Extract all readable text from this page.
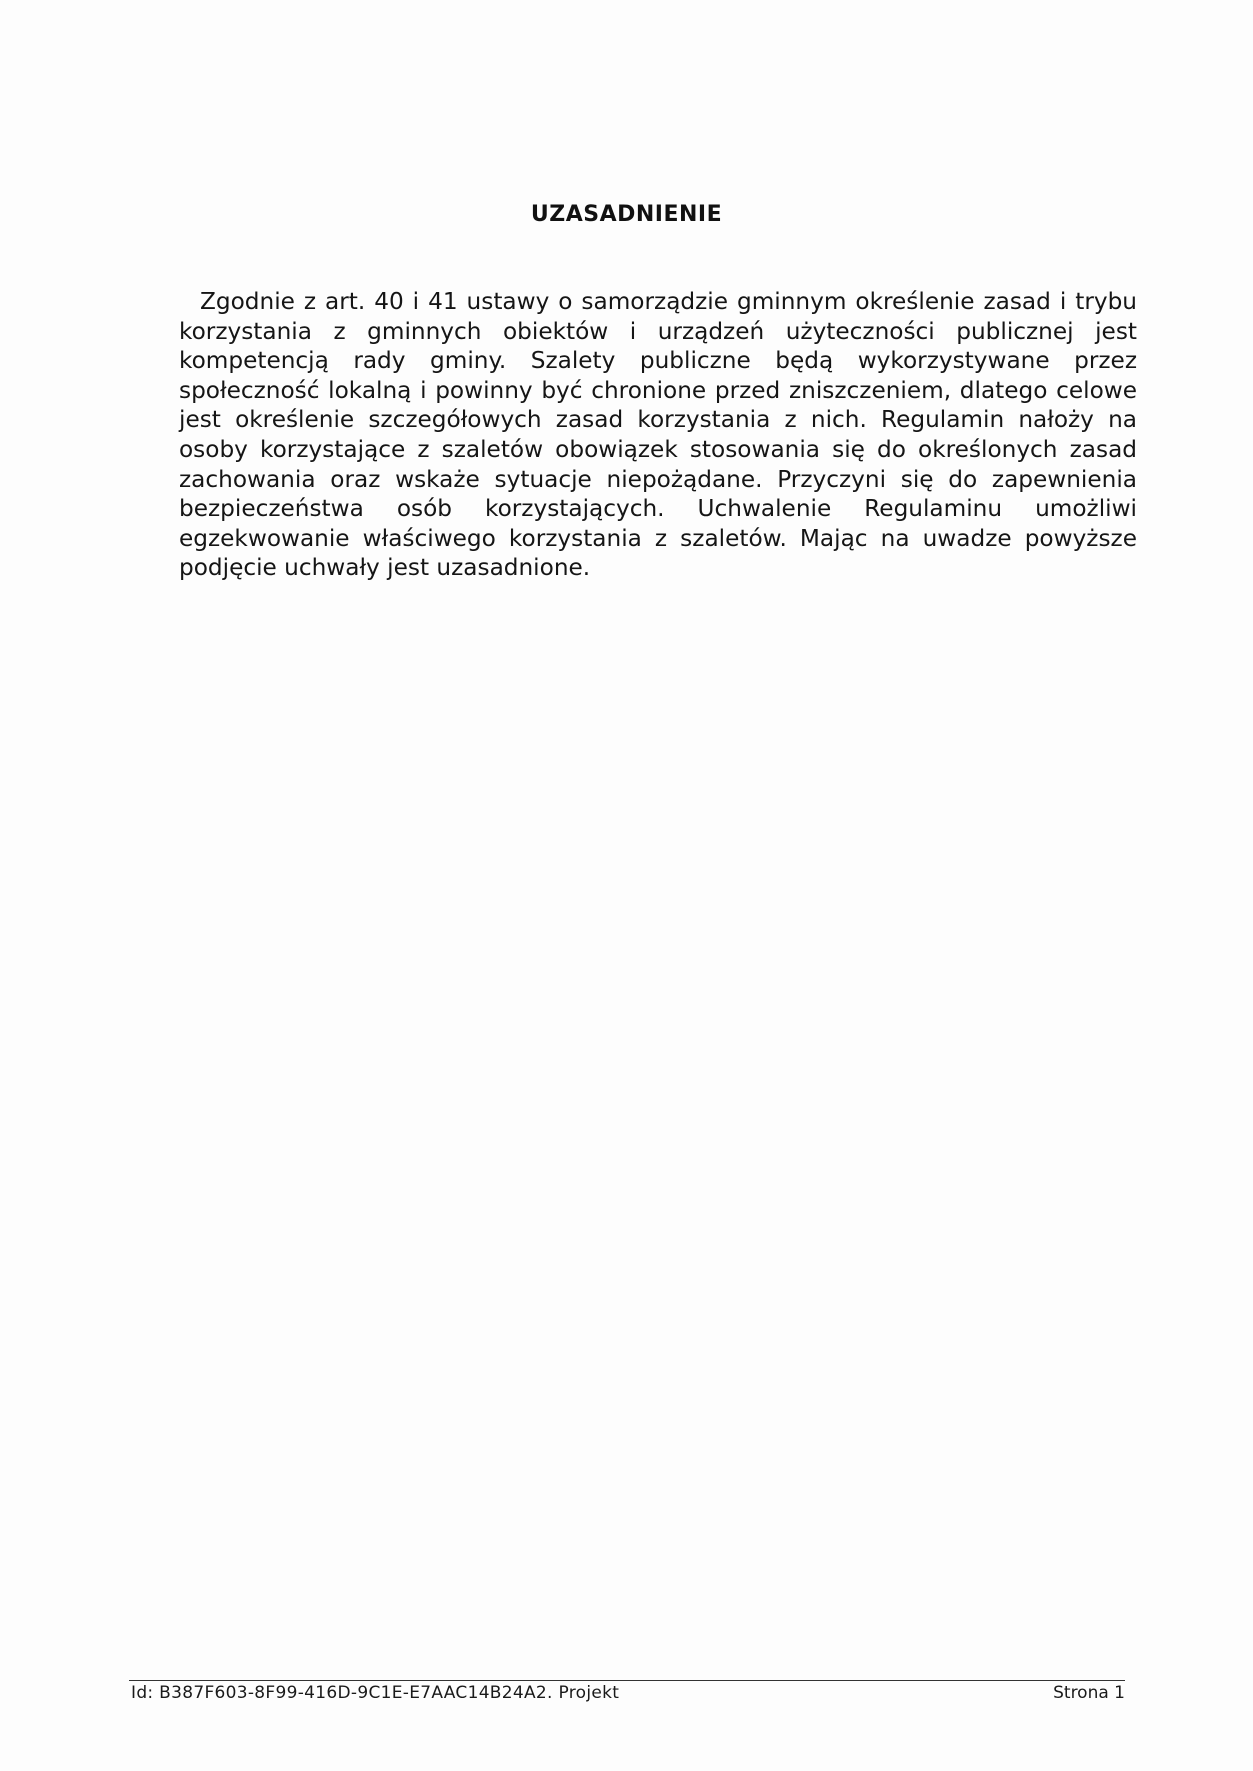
UZASADNIENIE
Zgodnie z art. 40 i 41 ustawy o samorządzie gminnym określenie zasad i trybu korzystania z gminnych obiektów i urządzeń użyteczności publicznej jest kompetencją rady gminy. Szalety publiczne będą wykorzystywane przez społeczność lokalną i powinny być chronione przed zniszczeniem, dlatego celowe jest określenie szczegółowych zasad korzystania z nich. Regulamin nałoży na osoby korzystające z szaletów obowiązek stosowania się do określonych zasad zachowania oraz wskaże sytuacje niepożądane. Przyczyni się do zapewnienia bezpieczeństwa osób korzystających. Uchwalenie Regulaminu umożliwi egzekwowanie właściwego korzystania z szaletów. Mając na uwadze powyższe podjęcie uchwały jest uzasadnione.
Id: B387F603-8F99-416D-9C1E-E7AAC14B24A2. Projekt	Strona 1
